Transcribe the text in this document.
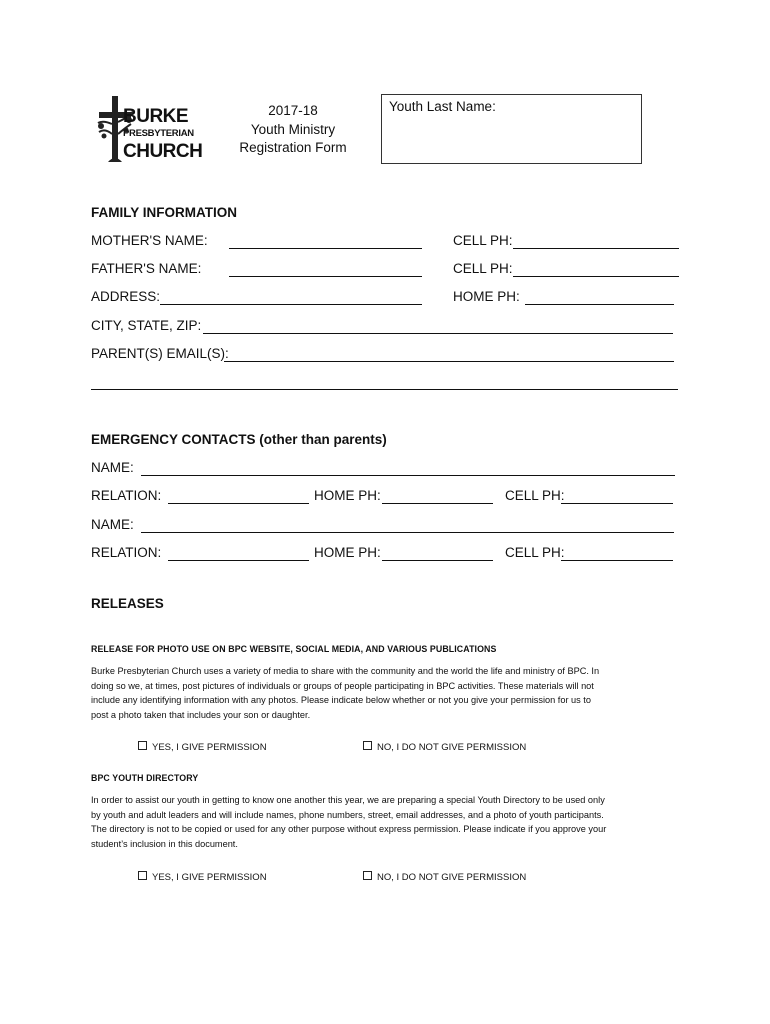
BURKE
PRESBYTERIAN
CHURCH
2017-18
Youth Ministry
Registration Form
Youth Last Name:
FAMILY INFORMATION
MOTHER'S NAME:	CELL PH:
FATHER'S NAME:	CELL PH:
ADDRESS:	HOME PH:
CITY, STATE, ZIP:
PARENT(S) EMAIL(S):
EMERGENCY CONTACTS (other than parents)
NAME:
RELATION:	HOME PH:	CELL PH:
NAME:
RELATION:	HOME PH:	CELL PH:
RELEASES
RELEASE FOR PHOTO USE ON BPC WEBSITE, SOCIAL MEDIA, AND VARIOUS PUBLICATIONS
Burke Presbyterian Church uses a variety of media to share with the community and the world the life and ministry of BPC. In
doing so we, at times, post pictures of individuals or groups of people participating in BPC activities. These materials will not
include any identifying information with any photos. Please indicate below whether or not you give your permission for us to
post a photo taken that includes your son or daughter.
YES, I GIVE PERMISSION	NO, I DO NOT GIVE PERMISSION
BPC YOUTH DIRECTORY
In order to assist our youth in getting to know one another this year, we are preparing a special Youth Directory to be used only
by youth and adult leaders and will include names, phone numbers, street, email addresses, and a photo of youth participants.
The directory is not to be copied or used for any other purpose without express permission. Please indicate if you approve your
student’s inclusion in this document.
YES, I GIVE PERMISSION	NO, I DO NOT GIVE PERMISSION
